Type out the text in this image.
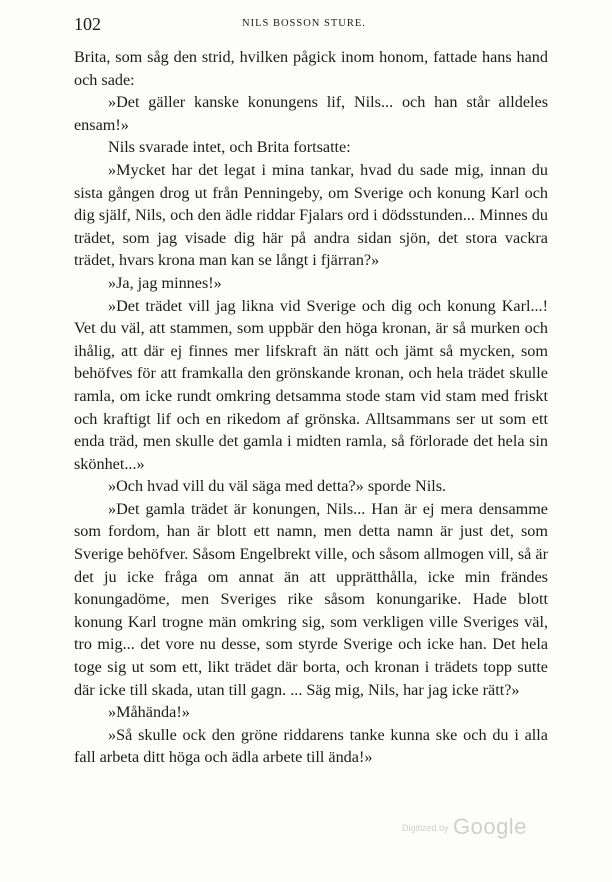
102	NILS BOSSON STURE.

Brita, som såg den strid, hvilken pågick inom honom, fattade hans hand och sade:

»Det gäller kanske konungens lif, Nils... och han står alldeles ensam!»

Nils svarade intet, och Brita fortsatte:

»Mycket har det legat i mina tankar, hvad du sade mig, innan du sista gången drog ut från Penningeby, om Sverige och konung Karl och dig själf, Nils, och den ädle riddar Fjalars ord i dödsstunden... Minnes du trädet, som jag visade dig här på andra sidan sjön, det stora vackra trädet, hvars krona man kan se långt i fjärran?»

»Ja, jag minnes!»

»Det trädet vill jag likna vid Sverige och dig och konung Karl...! Vet du väl, att stammen, som uppbär den höga kronan, är så murken och ihålig, att där ej finnes mer lifskraft än nätt och jämt så mycken, som behöfves för att framkalla den grönskande kronan, och hela trädet skulle ramla, om icke rundt omkring detsamma stode stam vid stam med friskt och kraftigt lif och en rikedom af grönska. Alltsammans ser ut som ett enda träd, men skulle det gamla i midten ramla, så förlorade det hela sin skönhet...»

»Och hvad vill du väl säga med detta?» sporde Nils.

»Det gamla trädet är konungen, Nils... Han är ej mera densamme som fordom, han är blott ett namn, men detta namn är just det, som Sverige behöfver. Såsom Engelbrekt ville, och såsom allmogen vill, så är det ju icke fråga om annat än att upprätthålla, icke min frändes konungadöme, men Sveriges rike såsom konungarike. Hade blott konung Karl trogne män omkring sig, som verkligen ville Sveriges väl, tro mig... det vore nu desse, som styrde Sverige och icke han. Det hela toge sig ut som ett, likt trädet där borta, och kronan i trädets topp sutte där icke till skada, utan till gagn. ... Säg mig, Nils, har jag icke rätt?»

»Måhända!»

»Så skulle ock den gröne riddarens tanke kunna ske och du i alla fall arbeta ditt höga och ädla arbete till ända!»

Digitized by Google
